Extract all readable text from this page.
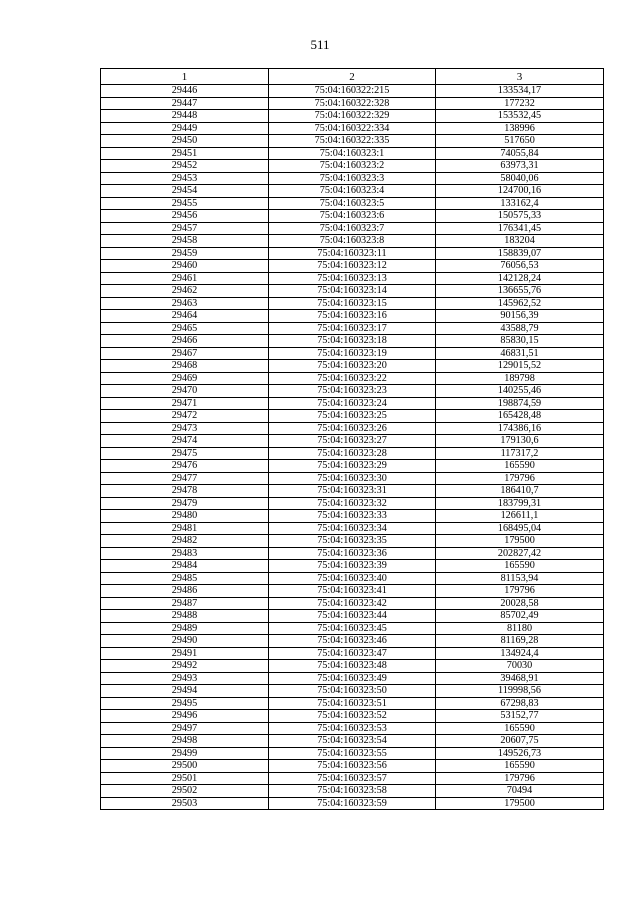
511
1	2	3
29446	75:04:160322:215	133534,17
29447	75:04:160322:328	177232
29448	75:04:160322:329	153532,45
29449	75:04:160322:334	138996
29450	75:04:160322:335	517650
29451	75:04:160323:1	74055,84
29452	75:04:160323:2	63973,31
29453	75:04:160323:3	58040,06
29454	75:04:160323:4	124700,16
29455	75:04:160323:5	133162,4
29456	75:04:160323:6	150575,33
29457	75:04:160323:7	176341,45
29458	75:04:160323:8	183204
29459	75:04:160323:11	158839,07
29460	75:04:160323:12	76056,53
29461	75:04:160323:13	142128,24
29462	75:04:160323:14	136655,76
29463	75:04:160323:15	145962,52
29464	75:04:160323:16	90156,39
29465	75:04:160323:17	43588,79
29466	75:04:160323:18	85830,15
29467	75:04:160323:19	46831,51
29468	75:04:160323:20	129015,52
29469	75:04:160323:22	189798
29470	75:04:160323:23	140255,46
29471	75:04:160323:24	198874,59
29472	75:04:160323:25	165428,48
29473	75:04:160323:26	174386,16
29474	75:04:160323:27	179130,6
29475	75:04:160323:28	117317,2
29476	75:04:160323:29	165590
29477	75:04:160323:30	179796
29478	75:04:160323:31	186410,7
29479	75:04:160323:32	183799,31
29480	75:04:160323:33	126611,1
29481	75:04:160323:34	168495,04
29482	75:04:160323:35	179500
29483	75:04:160323:36	202827,42
29484	75:04:160323:39	165590
29485	75:04:160323:40	81153,94
29486	75:04:160323:41	179796
29487	75:04:160323:42	20028,58
29488	75:04:160323:44	85702,49
29489	75:04:160323:45	81180
29490	75:04:160323:46	81169,28
29491	75:04:160323:47	134924,4
29492	75:04:160323:48	70030
29493	75:04:160323:49	39468,91
29494	75:04:160323:50	119998,56
29495	75:04:160323:51	67298,83
29496	75:04:160323:52	53152,77
29497	75:04:160323:53	165590
29498	75:04:160323:54	20607,75
29499	75:04:160323:55	149526,73
29500	75:04:160323:56	165590
29501	75:04:160323:57	179796
29502	75:04:160323:58	70494
29503	75:04:160323:59	179500
